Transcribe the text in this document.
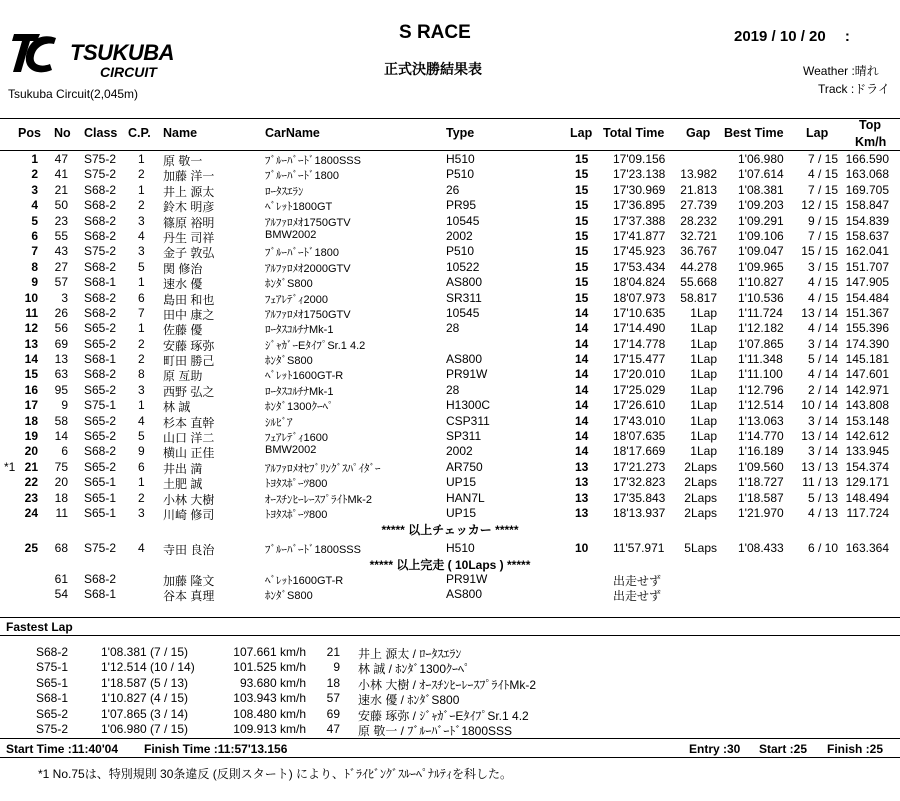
TSUKUBA
CIRCUIT
Tsukuba Circuit(2,045m)
S RACE
正式決勝結果表
2019 / 10 / 20　 :
Weather :晴れ
Track :ドライ
Pos No Class C.P. Name	CarName	Type	Lap Total Time Gap Best Time Lap
Top
Km/h
1	47 S75-2 1 原 敬一	ﾌﾞﾙｰﾊﾞｰﾄﾞ1800SSS	H510	15 17'09.156	1'06.980	7 / 15 166.590
2	41 S75-2 2 加藤 洋一	ﾌﾞﾙｰﾊﾞｰﾄﾞ1800	P510	15 17'23.138 13.982 1'07.614	4 / 15 163.068
3	21 S68-2 1 井上 源太	ﾛｰﾀｽｴﾗﾝ	26	15 17'30.969 21.813 1'08.381	7 / 15 169.705
4	50 S68-2 2 鈴木 明彦	ﾍﾞﾚｯﾄ1800GT	PR95	15 17'36.895 27.739 1'09.203 12 / 15 158.847
5	23 S68-2 3 篠原 裕明	ｱﾙﾌｧﾛﾒｵ1750GTV	10545	15 17'37.388 28.232 1'09.291	9 / 15 154.839
6	55 S68-2 4 丹生 司祥	BMW2002	2002	15 17'41.877 32.721 1'09.106	7 / 15 158.637
7	43 S75-2 3 金子 敦弘	ﾌﾞﾙｰﾊﾞｰﾄﾞ1800	P510	15 17'45.923 36.767 1'09.047 15 / 15 162.041
8	27 S68-2 5 関 修治	ｱﾙﾌｧﾛﾒｵ2000GTV	10522	15 17'53.434 44.278 1'09.965	3 / 15 151.707
9	57 S68-1 1 速水 優	ﾎﾝﾀﾞS800	AS800	15 18'04.824 55.668 1'10.827	4 / 15 147.905
10	3 S68-2 6 島田 和也	ﾌｪｱﾚﾃﾞｨ2000	SR311	15 18'07.973 58.817 1'10.536	4 / 15 154.484
11	26 S68-2 7 田中 康之	ｱﾙﾌｧﾛﾒｵ1750GTV	10545	14 17'10.635	1Lap 1'11.724 13 / 14 151.367
12	56 S65-2 1 佐藤 優	ﾛｰﾀｽｺﾙﾁﾅMk-1	28	14 17'14.490	1Lap 1'12.182	4 / 14 155.396
13	69 S65-2 2 安藤 琢弥	ｼﾞｬｶﾞｰEﾀｲﾌﾟSr.1 4.2	14 17'14.778	1Lap 1'07.865	3 / 14 174.390
14	13 S68-1 2 町田 勝己	ﾎﾝﾀﾞS800	AS800	14 17'15.477	1Lap 1'11.348	5 / 14 145.181
15	63 S68-2 8 原 亙助	ﾍﾞﾚｯﾄ1600GT-R	PR91W	14 17'20.010	1Lap 1'11.100	4 / 14 147.601
16	95 S65-2 3 西野 弘之	ﾛｰﾀｽｺﾙﾁﾅMk-1	28	14 17'25.029	1Lap 1'12.796	2 / 14 142.971
17	9 S75-1 1 林 誠	ﾎﾝﾀﾞ1300ｸｰﾍﾟ	H1300C	14 17'26.610	1Lap 1'12.514 10 / 14 143.808
18	58 S65-2 4 杉本 直幹	ｼﾙﾋﾞｱ	CSP311	14 17'43.010	1Lap 1'13.063	3 / 14 153.148
19	14 S65-2 5 山口 洋二	ﾌｪｱﾚﾃﾞｨ1600	SP311	14 18'07.635	1Lap 1'14.770 13 / 14 142.612
20	6 S68-2 9 横山 正佳	BMW2002	2002	14 18'17.669	1Lap 1'16.189	3 / 14 133.945
*1 21	75 S65-2 6 井出 満	ｱﾙﾌｧﾛﾒｵｾﾌﾞﾘﾝｸﾞｽﾊﾟｲﾀﾞｰ	AR750	13 17'21.273	2Laps 1'09.560 13 / 13 154.374
22	20 S65-1 1 土肥 誠	ﾄﾖﾀｽﾎﾟｰﾂ800	UP15	13 17'32.823	2Laps 1'18.727 11 / 13 129.171
23	18 S65-1 2 小林 大樹	ｵｰｽﾁﾝﾋｰﾚｰｽﾌﾟﾗｲﾄMk-2	HAN7L	13 17'35.843	2Laps 1'18.587	5 / 13 148.494
24	11 S65-1 3 川崎 修司	ﾄﾖﾀｽﾎﾟｰﾂ800	UP15	13 18'13.937	2Laps 1'21.970	4 / 13 117.724
***** 以上チェッカー *****
25	68 S75-2 4 寺田 良治	ﾌﾞﾙｰﾊﾞｰﾄﾞ1800SSS	H510	10 11'57.971	5Laps 1'08.433	6 / 10 163.364
***** 以上完走 ( 10Laps ) *****
61 S68-2	加藤 隆文	ﾍﾞﾚｯﾄ1600GT-R	PR91W	出走せず
54 S68-1	谷本 真理	ﾎﾝﾀﾞS800	AS800	出走せず
Fastest Lap
S68-2	1'08.381 (7 / 15)	107.661 km/h	21 井上 源太 / ﾛｰﾀｽｴﾗﾝ
S75-1	1'12.514 (10 / 14)	101.525 km/h	9 林 誠 / ﾎﾝﾀﾞ1300ｸｰﾍﾟ
S65-1	1'18.587 (5 / 13)	93.680 km/h	18 小林 大樹 / ｵｰｽﾁﾝﾋｰﾚｰｽﾌﾟﾗｲﾄMk-2
S68-1	1'10.827 (4 / 15)	103.943 km/h	57 速水 優 / ﾎﾝﾀﾞS800
S65-2	1'07.865 (3 / 14)	108.480 km/h	69 安藤 琢弥 / ｼﾞｬｶﾞｰEﾀｲﾌﾟSr.1 4.2
S75-2	1'06.980 (7 / 15)	109.913 km/h	47 原 敬一 / ﾌﾞﾙｰﾊﾞｰﾄﾞ1800SSS
Start Time :11:40'04 Finish Time :11:57'13.156	Entry :30 Start :25 Finish :25
*1 No.75は、特別規則 30条違反 (反則スタート) により、ﾄﾞﾗｲﾋﾞﾝｸﾞｽﾙｰﾍﾟﾅﾙﾃｨを科した。
